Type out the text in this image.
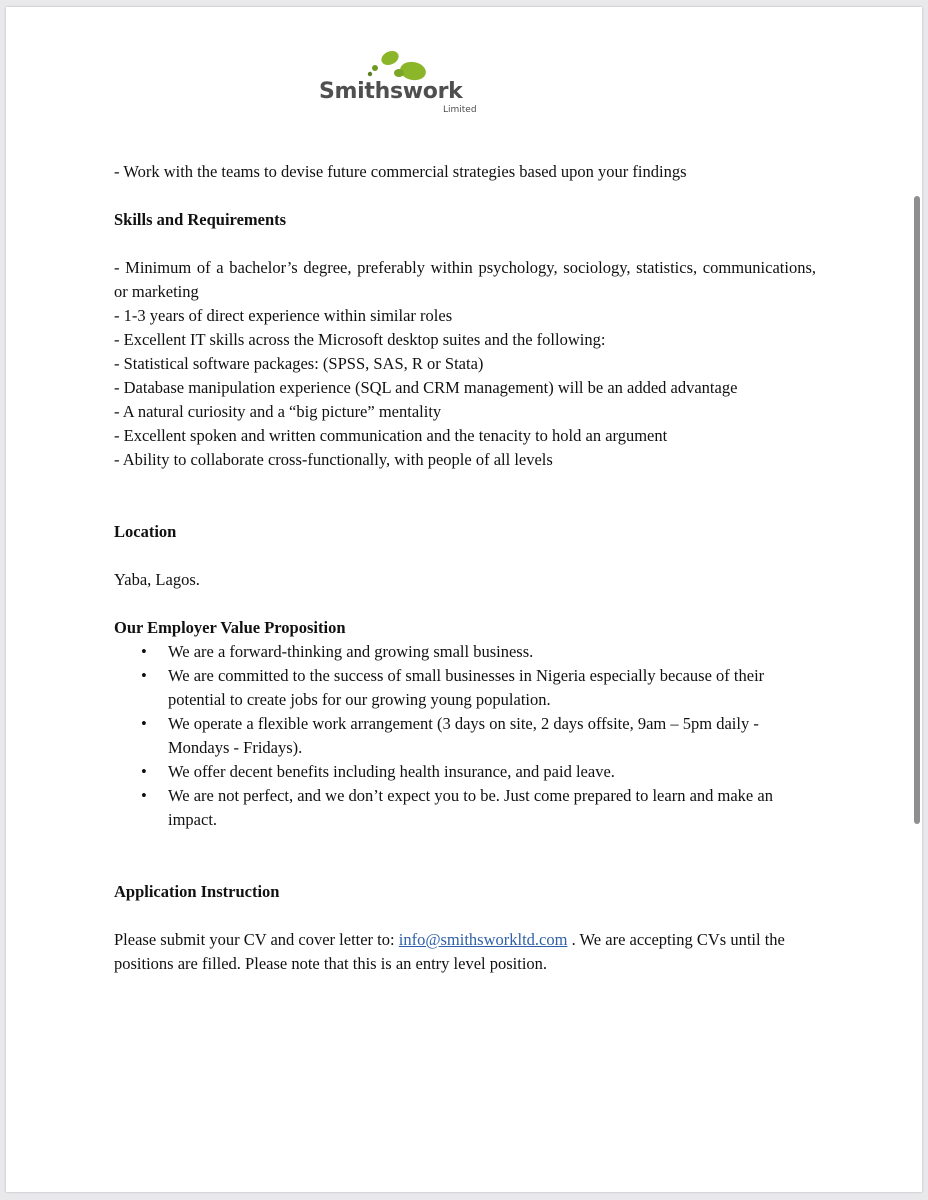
Smithswork
Limited

- Work with the teams to devise future commercial strategies based upon your findings

Skills and Requirements

- Minimum of a bachelor’s degree, preferably within psychology, sociology, statistics, communications, or marketing

- 1-3 years of direct experience within similar roles

- Excellent IT skills across the Microsoft desktop suites and the following:

- Statistical software packages: (SPSS, SAS, R or Stata)

- Database manipulation experience (SQL and CRM management) will be an added advantage

- A natural curiosity and a “big picture” mentality

- Excellent spoken and written communication and the tenacity to hold an argument

- Ability to collaborate cross-functionally, with people of all levels

Location

Yaba, Lagos.

Our Employer Value Proposition

• We are a forward-thinking and growing small business.
• We are committed to the success of small businesses in Nigeria especially because of their potential to create jobs for our growing young population.
• We operate a flexible work arrangement (3 days on site, 2 days offsite, 9am – 5pm daily - Mondays - Fridays).
• We offer decent benefits including health insurance, and paid leave.
• We are not perfect, and we don’t expect you to be. Just come prepared to learn and make an impact.

Application Instruction

Please submit your CV and cover letter to: info@smithsworkltd.com . We are accepting CVs until the positions are filled. Please note that this is an entry level position.
